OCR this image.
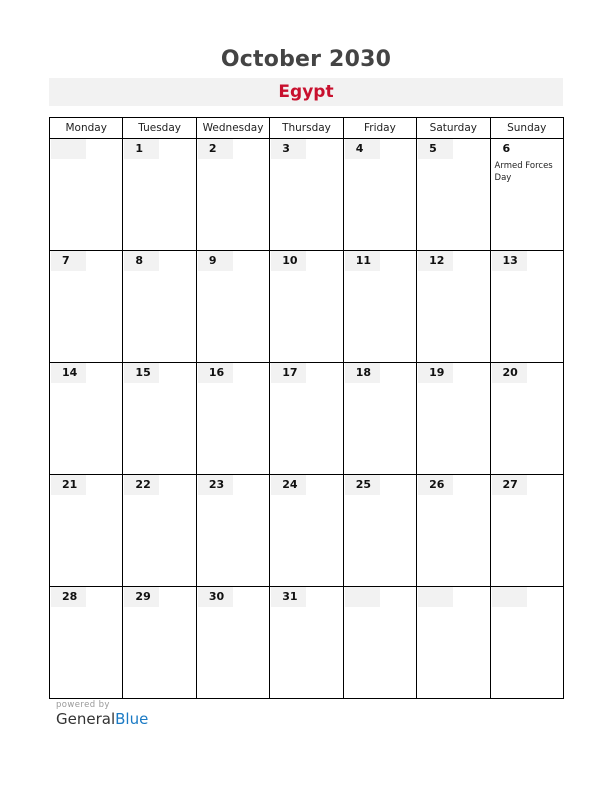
October 2030
Egypt
Monday	Tuesday	Wednesday	Thursday	Friday	Saturday	Sunday

	1	2	3	4	5	6
Armed Forces Day

7	8	9	10	11	12	13

14	15	16	17	18	19	20

21	22	23	24	25	26	27

28	29	30	31			

powered by
GeneralBlue
